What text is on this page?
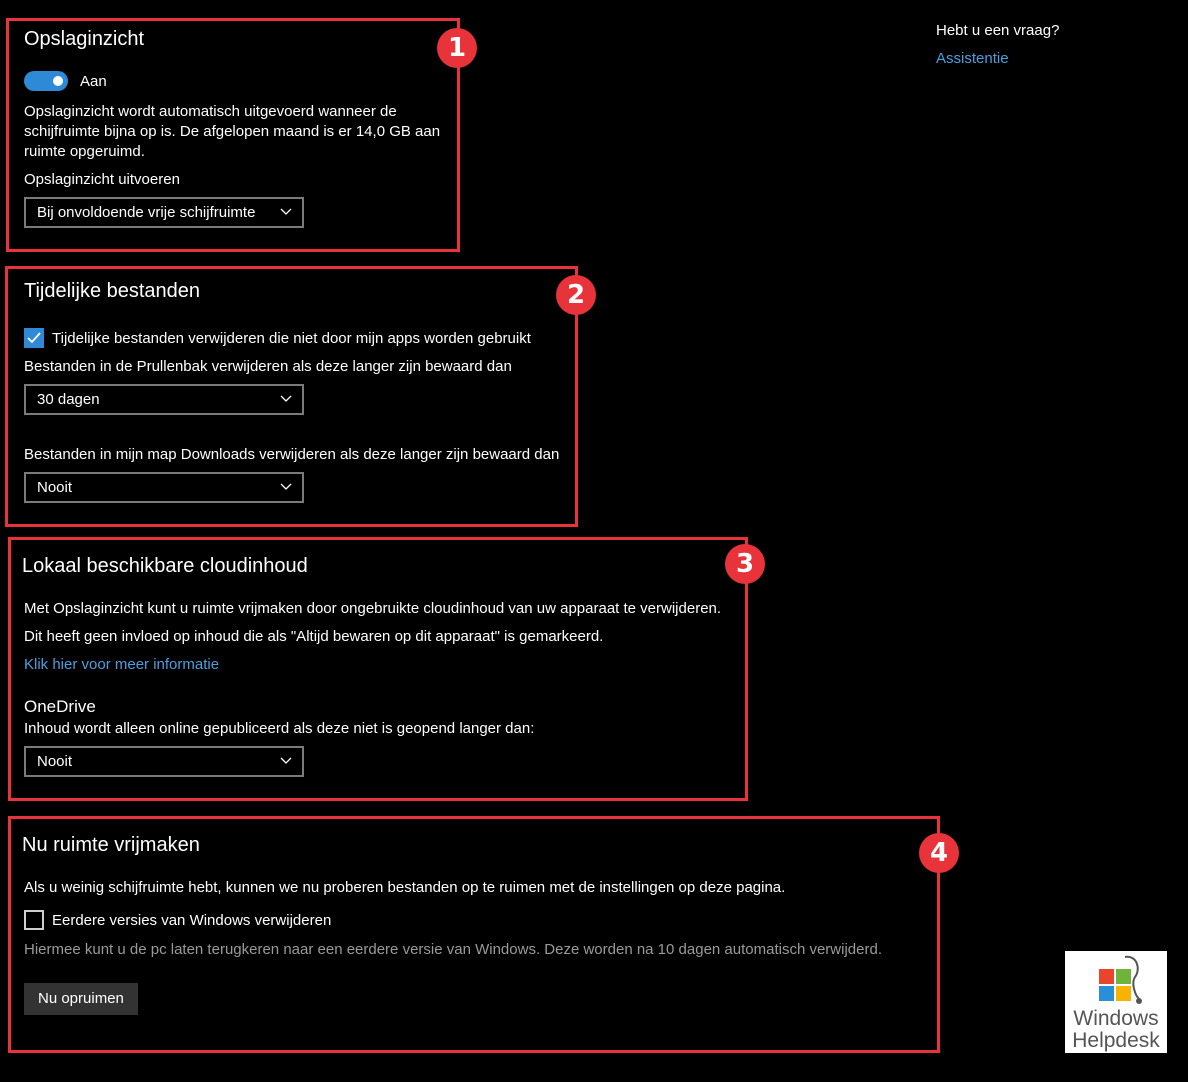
Hebt u een vraag?
Assistentie
1
Opslaginzicht
Aan
Opslaginzicht wordt automatisch uitgevoerd wanneer de
schijfruimte bijna op is. De afgelopen maand is er 14,0 GB aan
ruimte opgeruimd.
Opslaginzicht uitvoeren
Bij onvoldoende vrije schijfruimte
2
Tijdelijke bestanden
Tijdelijke bestanden verwijderen die niet door mijn apps worden gebruikt
Bestanden in de Prullenbak verwijderen als deze langer zijn bewaard dan
30 dagen
Bestanden in mijn map Downloads verwijderen als deze langer zijn bewaard dan
Nooit
3
Lokaal beschikbare cloudinhoud
Met Opslaginzicht kunt u ruimte vrijmaken door ongebruikte cloudinhoud van uw apparaat te verwijderen.
Dit heeft geen invloed op inhoud die als "Altijd bewaren op dit apparaat" is gemarkeerd.
Klik hier voor meer informatie
OneDrive
Inhoud wordt alleen online gepubliceerd als deze niet is geopend langer dan:
Nooit
4
Nu ruimte vrijmaken
Als u weinig schijfruimte hebt, kunnen we nu proberen bestanden op te ruimen met de instellingen op deze pagina.
Eerdere versies van Windows verwijderen
Hiermee kunt u de pc laten terugkeren naar een eerdere versie van Windows. Deze worden na 10 dagen automatisch verwijderd.
Nu opruimen
Windows
Helpdesk
